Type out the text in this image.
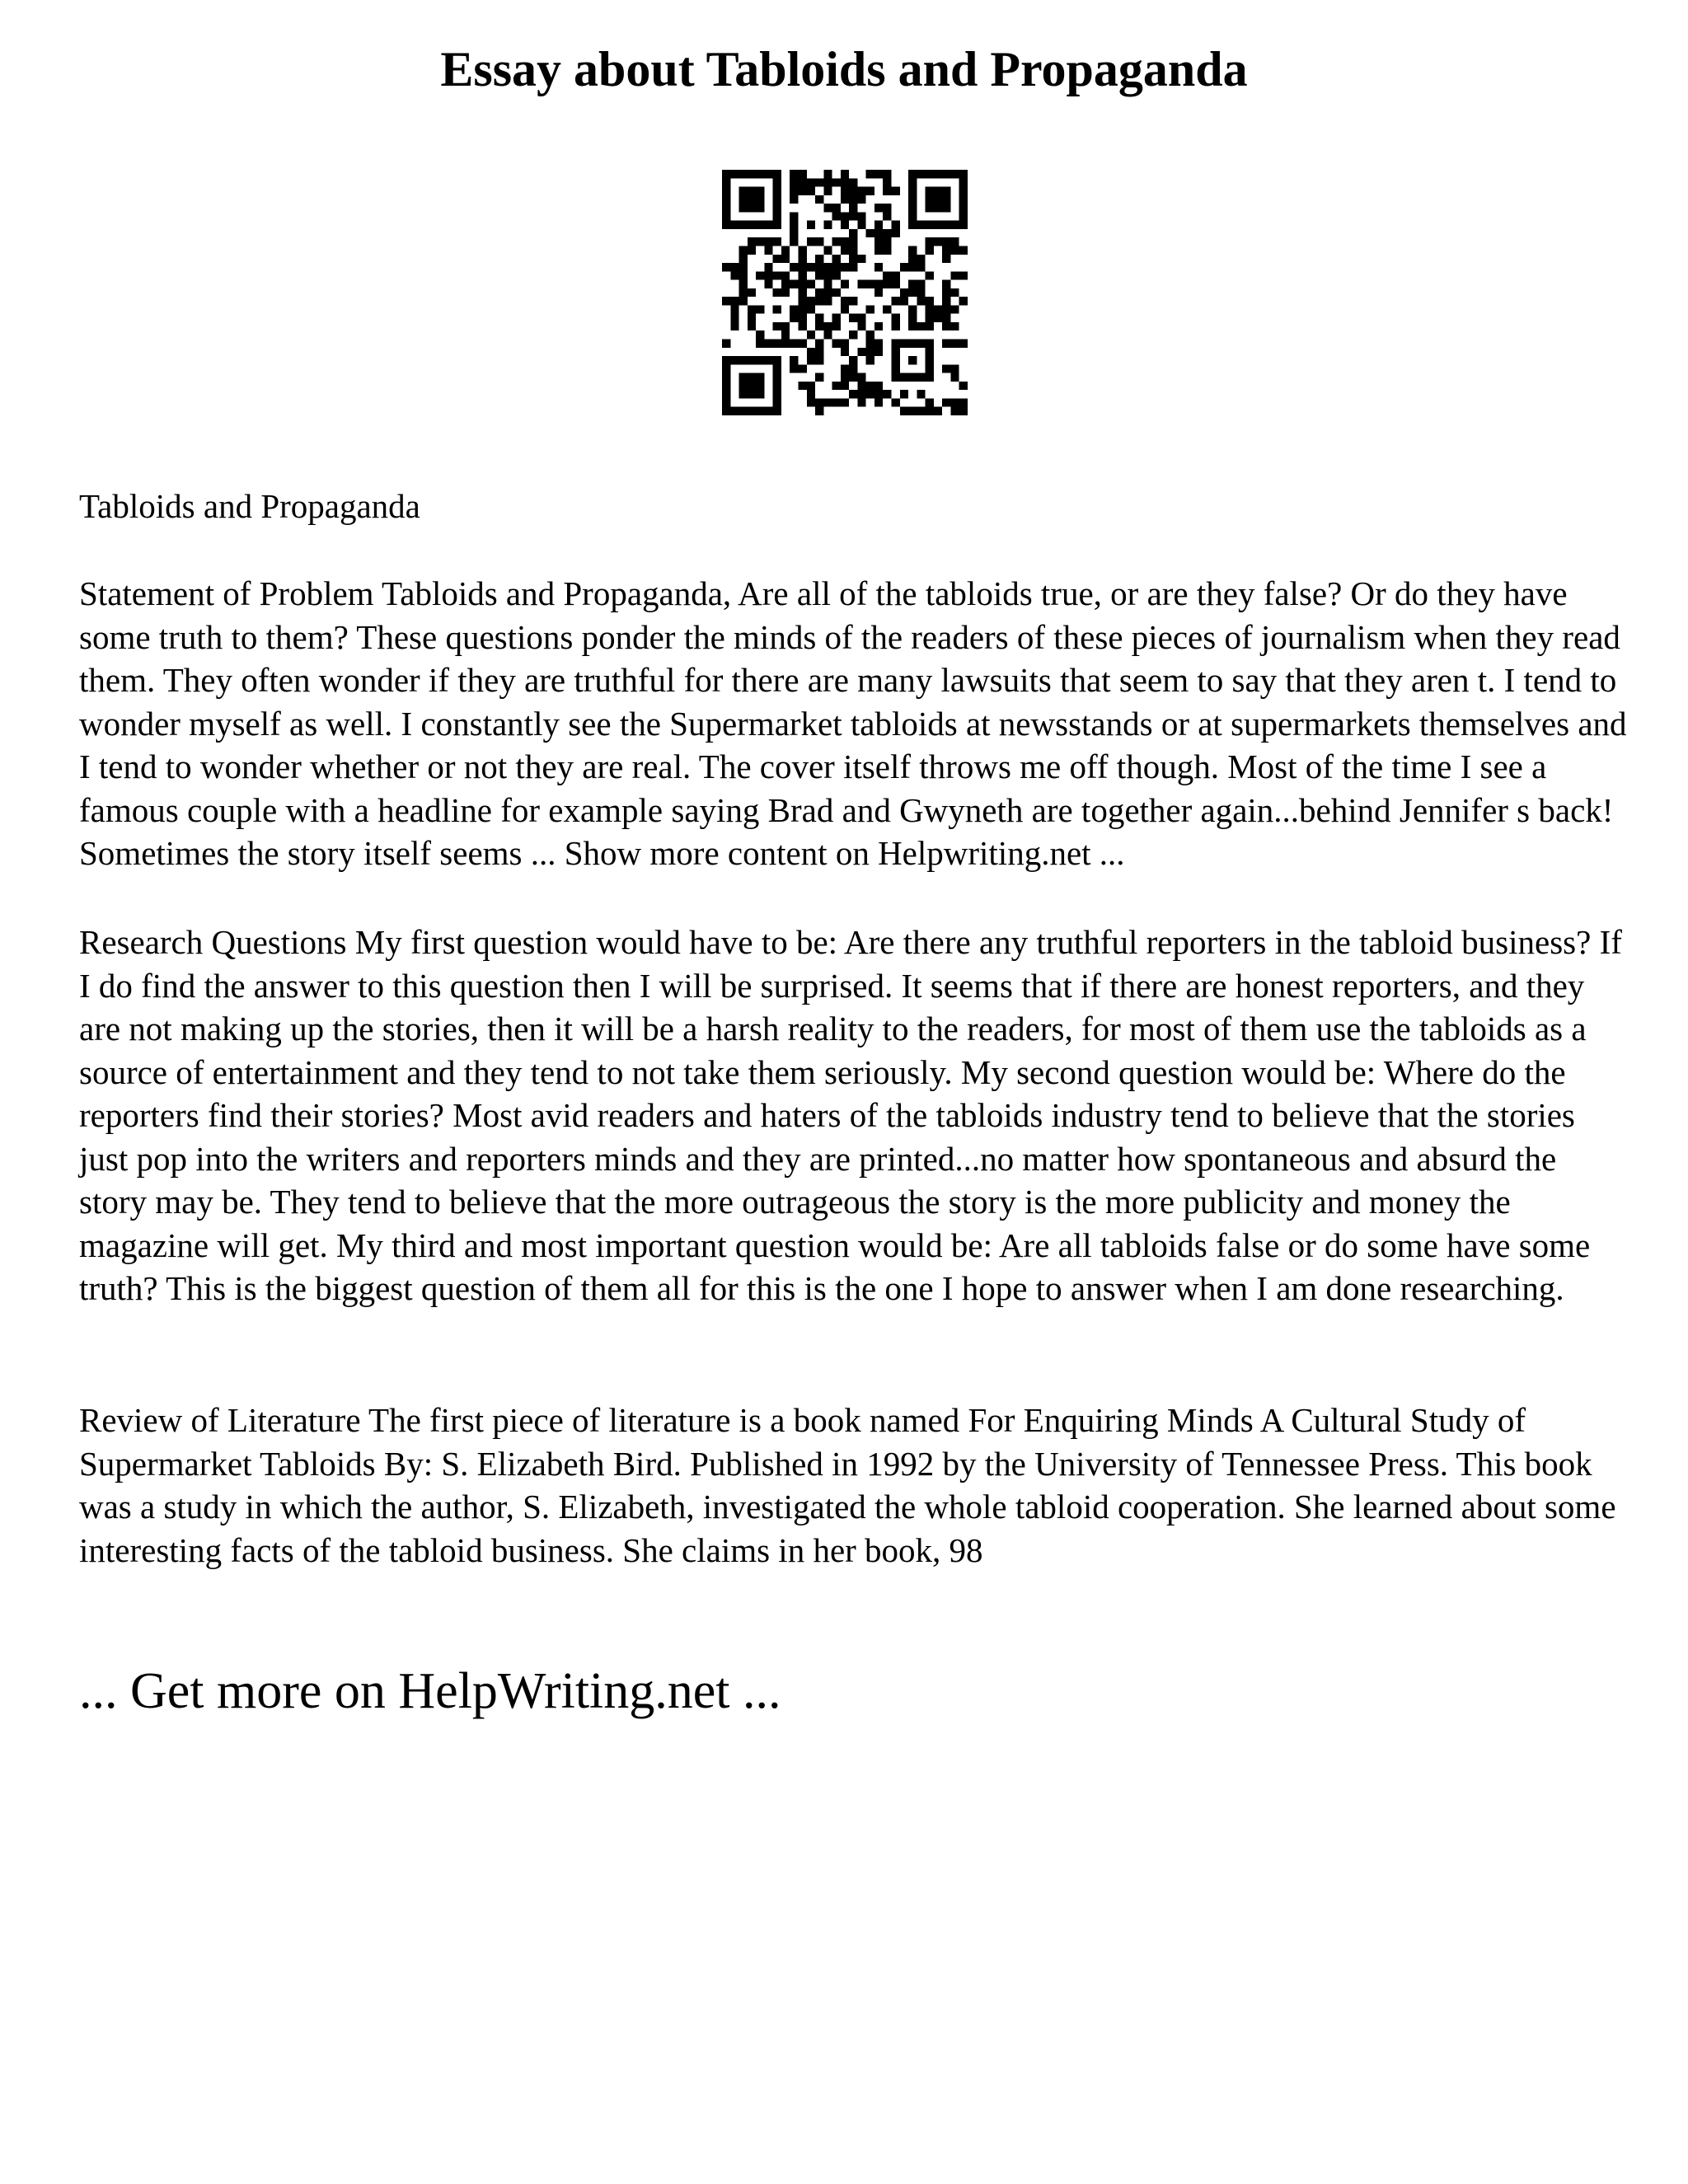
Essay about Tabloids and Propaganda

Tabloids and Propaganda

Statement of Problem Tabloids and Propaganda, Are all of the tabloids true, or are they false? Or do they have some truth to them? These questions ponder the minds of the readers of these pieces of journalism when they read them. They often wonder if they are truthful for there are many lawsuits that seem to say that they aren t. I tend to wonder myself as well. I constantly see the Supermarket tabloids at newsstands or at supermarkets themselves and I tend to wonder whether or not they are real. The cover itself throws me off though. Most of the time I see a famous couple with a headline for example saying Brad and Gwyneth are together again...behind Jennifer s back! Sometimes the story itself seems ... Show more content on Helpwriting.net ...

Research Questions My first question would have to be: Are there any truthful reporters in the tabloid business? If I do find the answer to this question then I will be surprised. It seems that if there are honest reporters, and they are not making up the stories, then it will be a harsh reality to the readers, for most of them use the tabloids as a source of entertainment and they tend to not take them seriously. My second question would be: Where do the reporters find their stories? Most avid readers and haters of the tabloids industry tend to believe that the stories just pop into the writers and reporters minds and they are printed...no matter how spontaneous and absurd the story may be. They tend to believe that the more outrageous the story is the more publicity and money the magazine will get. My third and most important question would be: Are all tabloids false or do some have some truth? This is the biggest question of them all for this is the one I hope to answer when I am done researching.

Review of Literature The first piece of literature is a book named For Enquiring Minds A Cultural Study of Supermarket Tabloids By: S. Elizabeth Bird. Published in 1992 by the University of Tennessee Press. This book was a study in which the author, S. Elizabeth, investigated the whole tabloid cooperation. She learned about some interesting facts of the tabloid business. She claims in her book, 98

... Get more on HelpWriting.net ...
